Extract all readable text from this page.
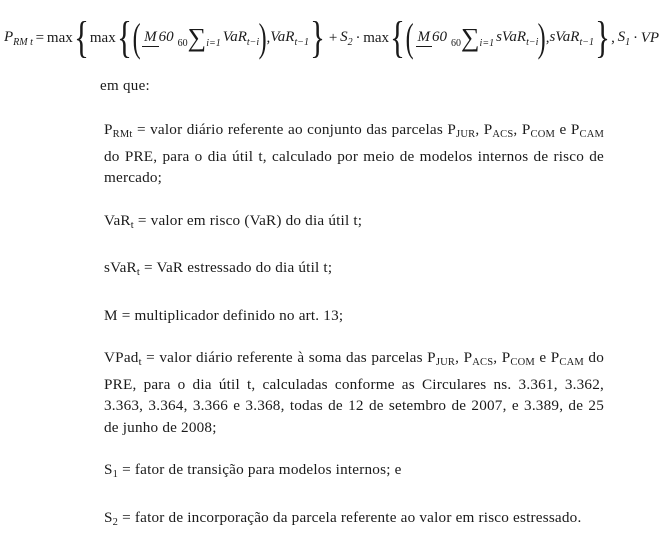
PRM t = max { max { ( M 60 60∑i=1 VaRt−i ) , VaRt−1 } + S2 · max { ( M 60 60∑i=1 sVaRt−i ) , sVaRt−1 } , S1 · VP
em que:

PRMt = valor diário referente ao conjunto das parcelas PJUR, PACS, PCOM e PCAM do PRE, para o dia útil t, calculado por meio de modelos internos de risco de mercado;

VaRt = valor em risco (VaR) do dia útil t;

sVaRt = VaR estressado do dia útil t;

M = multiplicador definido no art. 13;

VPadt = valor diário referente à soma das parcelas PJUR, PACS, PCOM e PCAM do PRE, para o dia útil t, calculadas conforme as Circulares ns. 3.361, 3.362, 3.363, 3.364, 3.366 e 3.368, todas de 12 de setembro de 2007, e 3.389, de 25 de junho de 2008;

S1 = fator de transição para modelos internos; e

S2 = fator de incorporação da parcela referente ao valor em risco estressado.
